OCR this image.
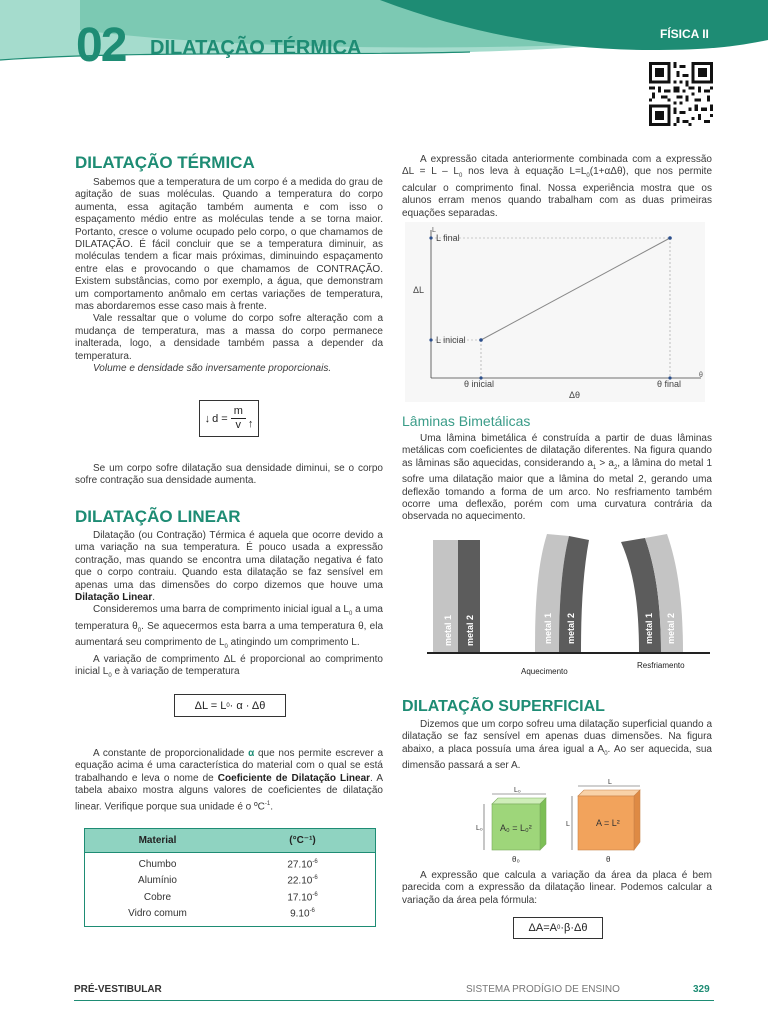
02 DILATAÇÃO TÉRMICA
FÍSICA II
DILATAÇÃO TÉRMICA

Sabemos que a temperatura de um corpo é a medida do grau de agitação de suas moléculas. Quando a temperatura do corpo aumenta, essa agitação também aumenta e com isso o espaçamento médio entre as moléculas tende a se torna maior. Portanto, cresce o volume ocupado pelo corpo, o que chamamos de DILATAÇÃO. É fácil concluir que se a temperatura diminuir, as moléculas tendem a ficar mais próximas, diminuindo espaçamento entre elas e provocando o que chamamos de CONTRAÇÃO. Existem substâncias, como por exemplo, a água, que demonstram um comportamento anômalo em certas variações de temperatura, mas abordaremos esse caso mais à frente.

Vale ressaltar que o volume do corpo sofre alteração com a mudança de temperatura, mas a massa do corpo permanece inalterada, logo, a densidade também passa a depender da temperatura.

Volume e densidade são inversamente proporcionais.

↓ $d = \frac{m}{v}$ ↑

Se um corpo sofre dilatação sua densidade diminui, se o corpo sofre contração sua densidade aumenta.

DILATAÇÃO LINEAR

Dilatação (ou Contração) Térmica é aquela que ocorre devido a uma variação na sua temperatura. É pouco usada a expressão contração, mas quando se encontra uma dilatação negativa é fato que o corpo contraiu. Quando esta dilatação se faz sensível em apenas uma das dimensões do corpo dizemos que houve uma Dilatação Linear.

Consideremos uma barra de comprimento inicial igual a $L_0$ a uma temperatura $\theta_0$. Se aquecermos esta barra a uma temperatura θ, ela aumentará seu comprimento de $L_0$ atingindo um comprimento L.

A variação de comprimento ΔL é proporcional ao comprimento inicial $L_0$ e à variação de temperatura

ΔL = L 0 · α · Δθ

A constante de proporcionalidade α que nos permite escrever a equação acima é uma característica do material com o qual se está trabalhando e leva o nome de Coeficiente de Dilatação Linear. A tabela abaixo mostra alguns valores de coeficientes de dilatação linear. Verifique porque sua unidade é o ºC$^{-1}$.

Material	(°C⁻¹)
Chumbo	$27.10^{-6}$
Alumínio	$22.10^{-6}$
Cobre	$17.10^{-6}$
Vidro comum	$9.10^{-6}$

A expressão citada anteriormente combinada com a expressão $\Delta L = L - L_0$ nos leva à equação $L=L_0(1+\alpha\Delta\theta)$, que nos permite calcular o comprimento final. Nossa experiência mostra que os alunos erram menos quando trabalham com as duas primeiras equações separadas.

L
θ
L final
L inicial
ΔL
θ inicial	θ final
Δθ
Lâminas Bimetálicas

Uma lâmina bimetálica é construída a partir de duas lâminas metálicas com coeficientes de dilatação diferentes. Na figura quando as lâminas são aquecidas, considerando $a_1 > a_2$, a lâmina do metal 1 sofre uma dilatação maior que a lâmina do metal 2, gerando uma deflexão tomando a forma de um arco. No resfriamento também ocorre uma deflexão, porém com uma curvatura contrária da observada no aquecimento.

metal 1 metal 2	metal 1 metal 2
Aquecimento
metal 1 metal 2
Resfriamento
DILATAÇÃO SUPERFICIAL

Dizemos que um corpo sofreu uma dilatação superficial quando a dilatação se faz sensível em apenas duas dimensões. Na figura abaixo, a placa possuía uma área igual a $A_0$. Ao ser aquecida, sua dimensão passará a ser A.

L₀
L₀ A₀ = L₀²
θ₀
L
L	A = L²
θ

A expressão que calcula a variação da área da placa é bem parecida com a expressão da dilatação linear. Podemos calcular a variação da área pela fórmula:

ΔA=A 0 ·β·Δθ
PRÉ-VESTIBULAR	SISTEMA PRODÍGIO DE ENSINO	329
